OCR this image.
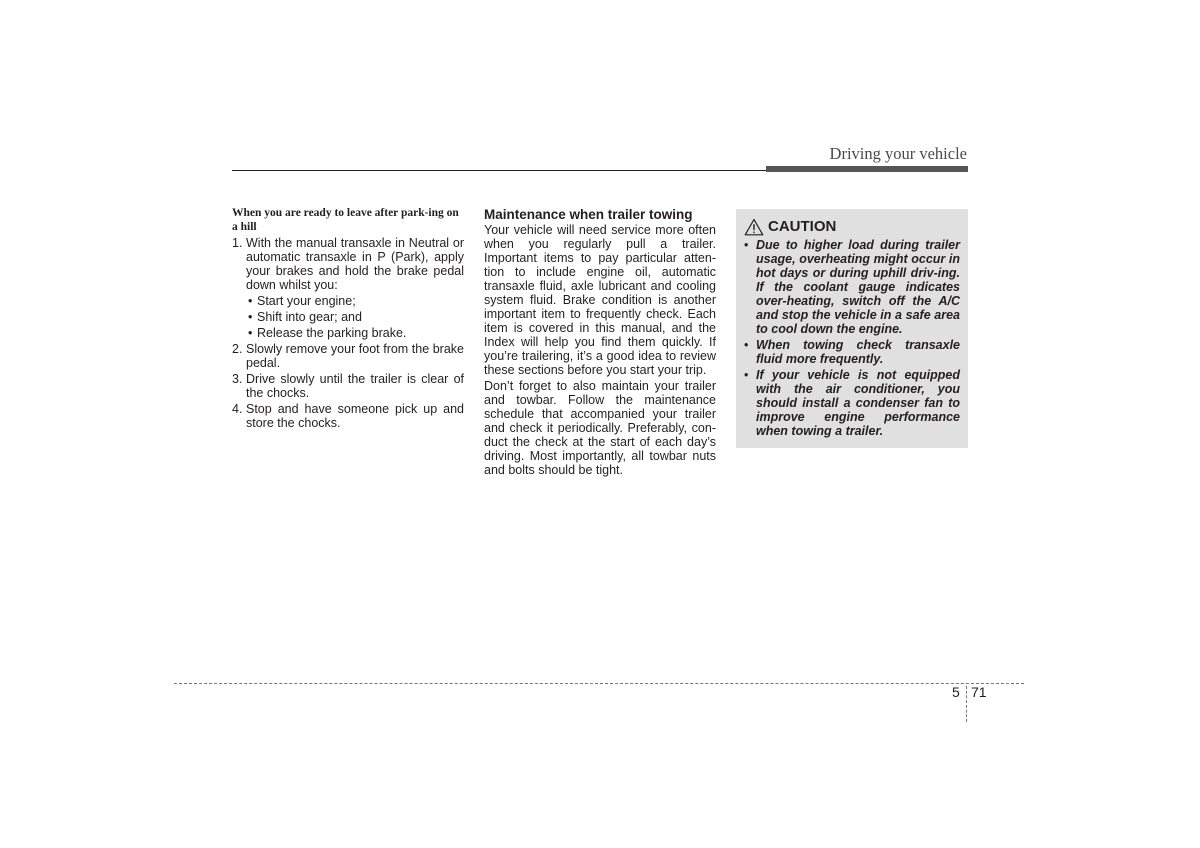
Driving your vehicle
When you are ready to leave after park-ing on a hill
1. With the manual transaxle in Neutral or automatic transaxle in P (Park), apply your brakes and hold the brake pedal down whilst you:
• Start your engine;
• Shift into gear; and
• Release the parking brake.
2. Slowly remove your foot from the brake pedal.
3. Drive slowly until the trailer is clear of the chocks.
4. Stop and have someone pick up and store the chocks.
Maintenance when trailer towing

Your vehicle will need service more often when you regularly pull a trailer. Important items to pay particular atten-tion to include engine oil, automatic transaxle fluid, axle lubricant and cooling system fluid. Brake condition is another important item to frequently check. Each item is covered in this manual, and the Index will help you find them quickly. If you’re trailering, it’s a good idea to review these sections before you start your trip.

Don’t forget to also maintain your trailer and towbar. Follow the maintenance schedule that accompanied your trailer and check it periodically. Preferably, con-duct the check at the start of each day’s driving. Most importantly, all towbar nuts and bolts should be tight.

CAUTION
• Due to higher load during trailer usage, overheating might occur in hot days or during uphill driv-ing. If the coolant gauge indicates over-heating, switch off the A/C and stop the vehicle in a safe area to cool down the engine.
• When towing check transaxle fluid more frequently.
• If your vehicle is not equipped with the air conditioner, you should install a condenser fan to improve engine performance when towing a trailer.
5 71
